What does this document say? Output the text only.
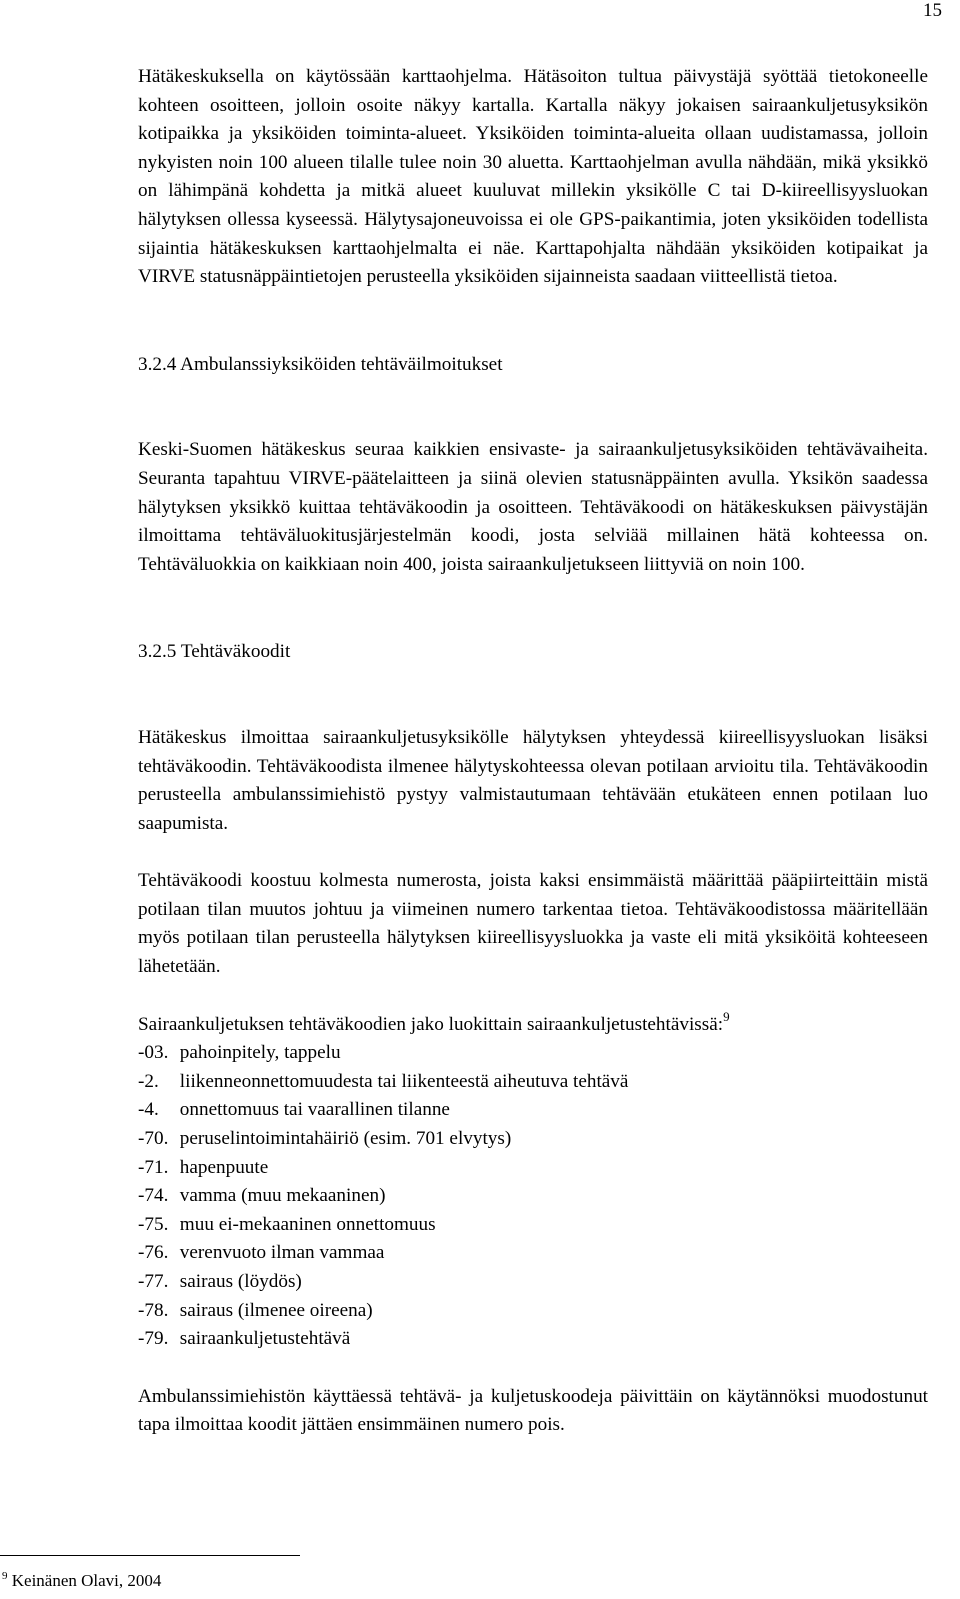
15

Hätäkeskuksella on käytössään karttaohjelma. Hätäsoiton tultua päivystäjä syöttää tietokoneelle kohteen osoitteen, jolloin osoite näkyy kartalla. Kartalla näkyy jokaisen sairaankuljetusyksikön kotipaikka ja yksiköiden toiminta-alueet. Yksiköiden toiminta-alueita ollaan uudistamassa, jolloin nykyisten noin 100 alueen tilalle tulee noin 30 aluetta. Karttaohjelman avulla nähdään, mikä yksikkö on lähimpänä kohdetta ja mitkä alueet kuuluvat millekin yksikölle C tai D-kiireellisyysluokan hälytyksen ollessa kyseessä. Hälytysajoneuvoissa ei ole GPS-paikantimia, joten yksiköiden todellista sijaintia hätäkeskuksen karttaohjelmalta ei näe. Karttapohjalta nähdään yksiköiden kotipaikat ja VIRVE statusnäppäintietojen perusteella yksiköiden sijainneista saadaan viitteellistä tietoa.

3.2.4 Ambulanssiyksiköiden tehtäväilmoitukset

Keski-Suomen hätäkeskus seuraa kaikkien ensivaste- ja sairaankuljetusyksiköiden tehtävävaiheita. Seuranta tapahtuu VIRVE-päätelaitteen ja siinä olevien statusnäppäinten avulla. Yksikön saadessa hälytyksen yksikkö kuittaa tehtäväkoodin ja osoitteen. Tehtäväkoodi on hätäkeskuksen päivystäjän ilmoittama tehtäväluokitusjärjestelmän koodi, josta selviää millainen hätä kohteessa on. Tehtäväluokkia on kaikkiaan noin 400, joista sairaankuljetukseen liittyviä on noin 100.

3.2.5 Tehtäväkoodit

Hätäkeskus ilmoittaa sairaankuljetusyksikölle hälytyksen yhteydessä kiireellisyysluokan lisäksi tehtäväkoodin. Tehtäväkoodista ilmenee hälytyskohteessa olevan potilaan arvioitu tila. Tehtäväkoodin perusteella ambulanssimiehistö pystyy valmistautumaan tehtävään etukäteen ennen potilaan luo saapumista.

Tehtäväkoodi koostuu kolmesta numerosta, joista kaksi ensimmäistä määrittää pääpiirteittäin mistä potilaan tilan muutos johtuu ja viimeinen numero tarkentaa tietoa. Tehtäväkoodistossa määritellään myös potilaan tilan perusteella hälytyksen kiireellisyysluokka ja vaste eli mitä yksiköitä kohteeseen lähetetään.

Sairaankuljetuksen tehtäväkoodien jako luokittain sairaankuljetustehtävissä:$^9$

-03. pahoinpitely, tappelu
-2. liikenneonnettomuudesta tai liikenteestä aiheutuva tehtävä
-4. onnettomuus tai vaarallinen tilanne
-70. peruselintoimintahäiriö (esim. 701 elvytys)
-71. hapenpuute
-74. vamma (muu mekaaninen)
-75. muu ei-mekaaninen onnettomuus
-76. verenvuoto ilman vammaa
-77. sairaus (löydös)
-78. sairaus (ilmenee oireena)
-79. sairaankuljetustehtävä

Ambulanssimiehistön käyttäessä tehtävä- ja kuljetuskoodeja päivittäin on käytännöksi muodostunut tapa ilmoittaa koodit jättäen ensimmäinen numero pois.

$^9$ Keinänen Olavi, 2004
